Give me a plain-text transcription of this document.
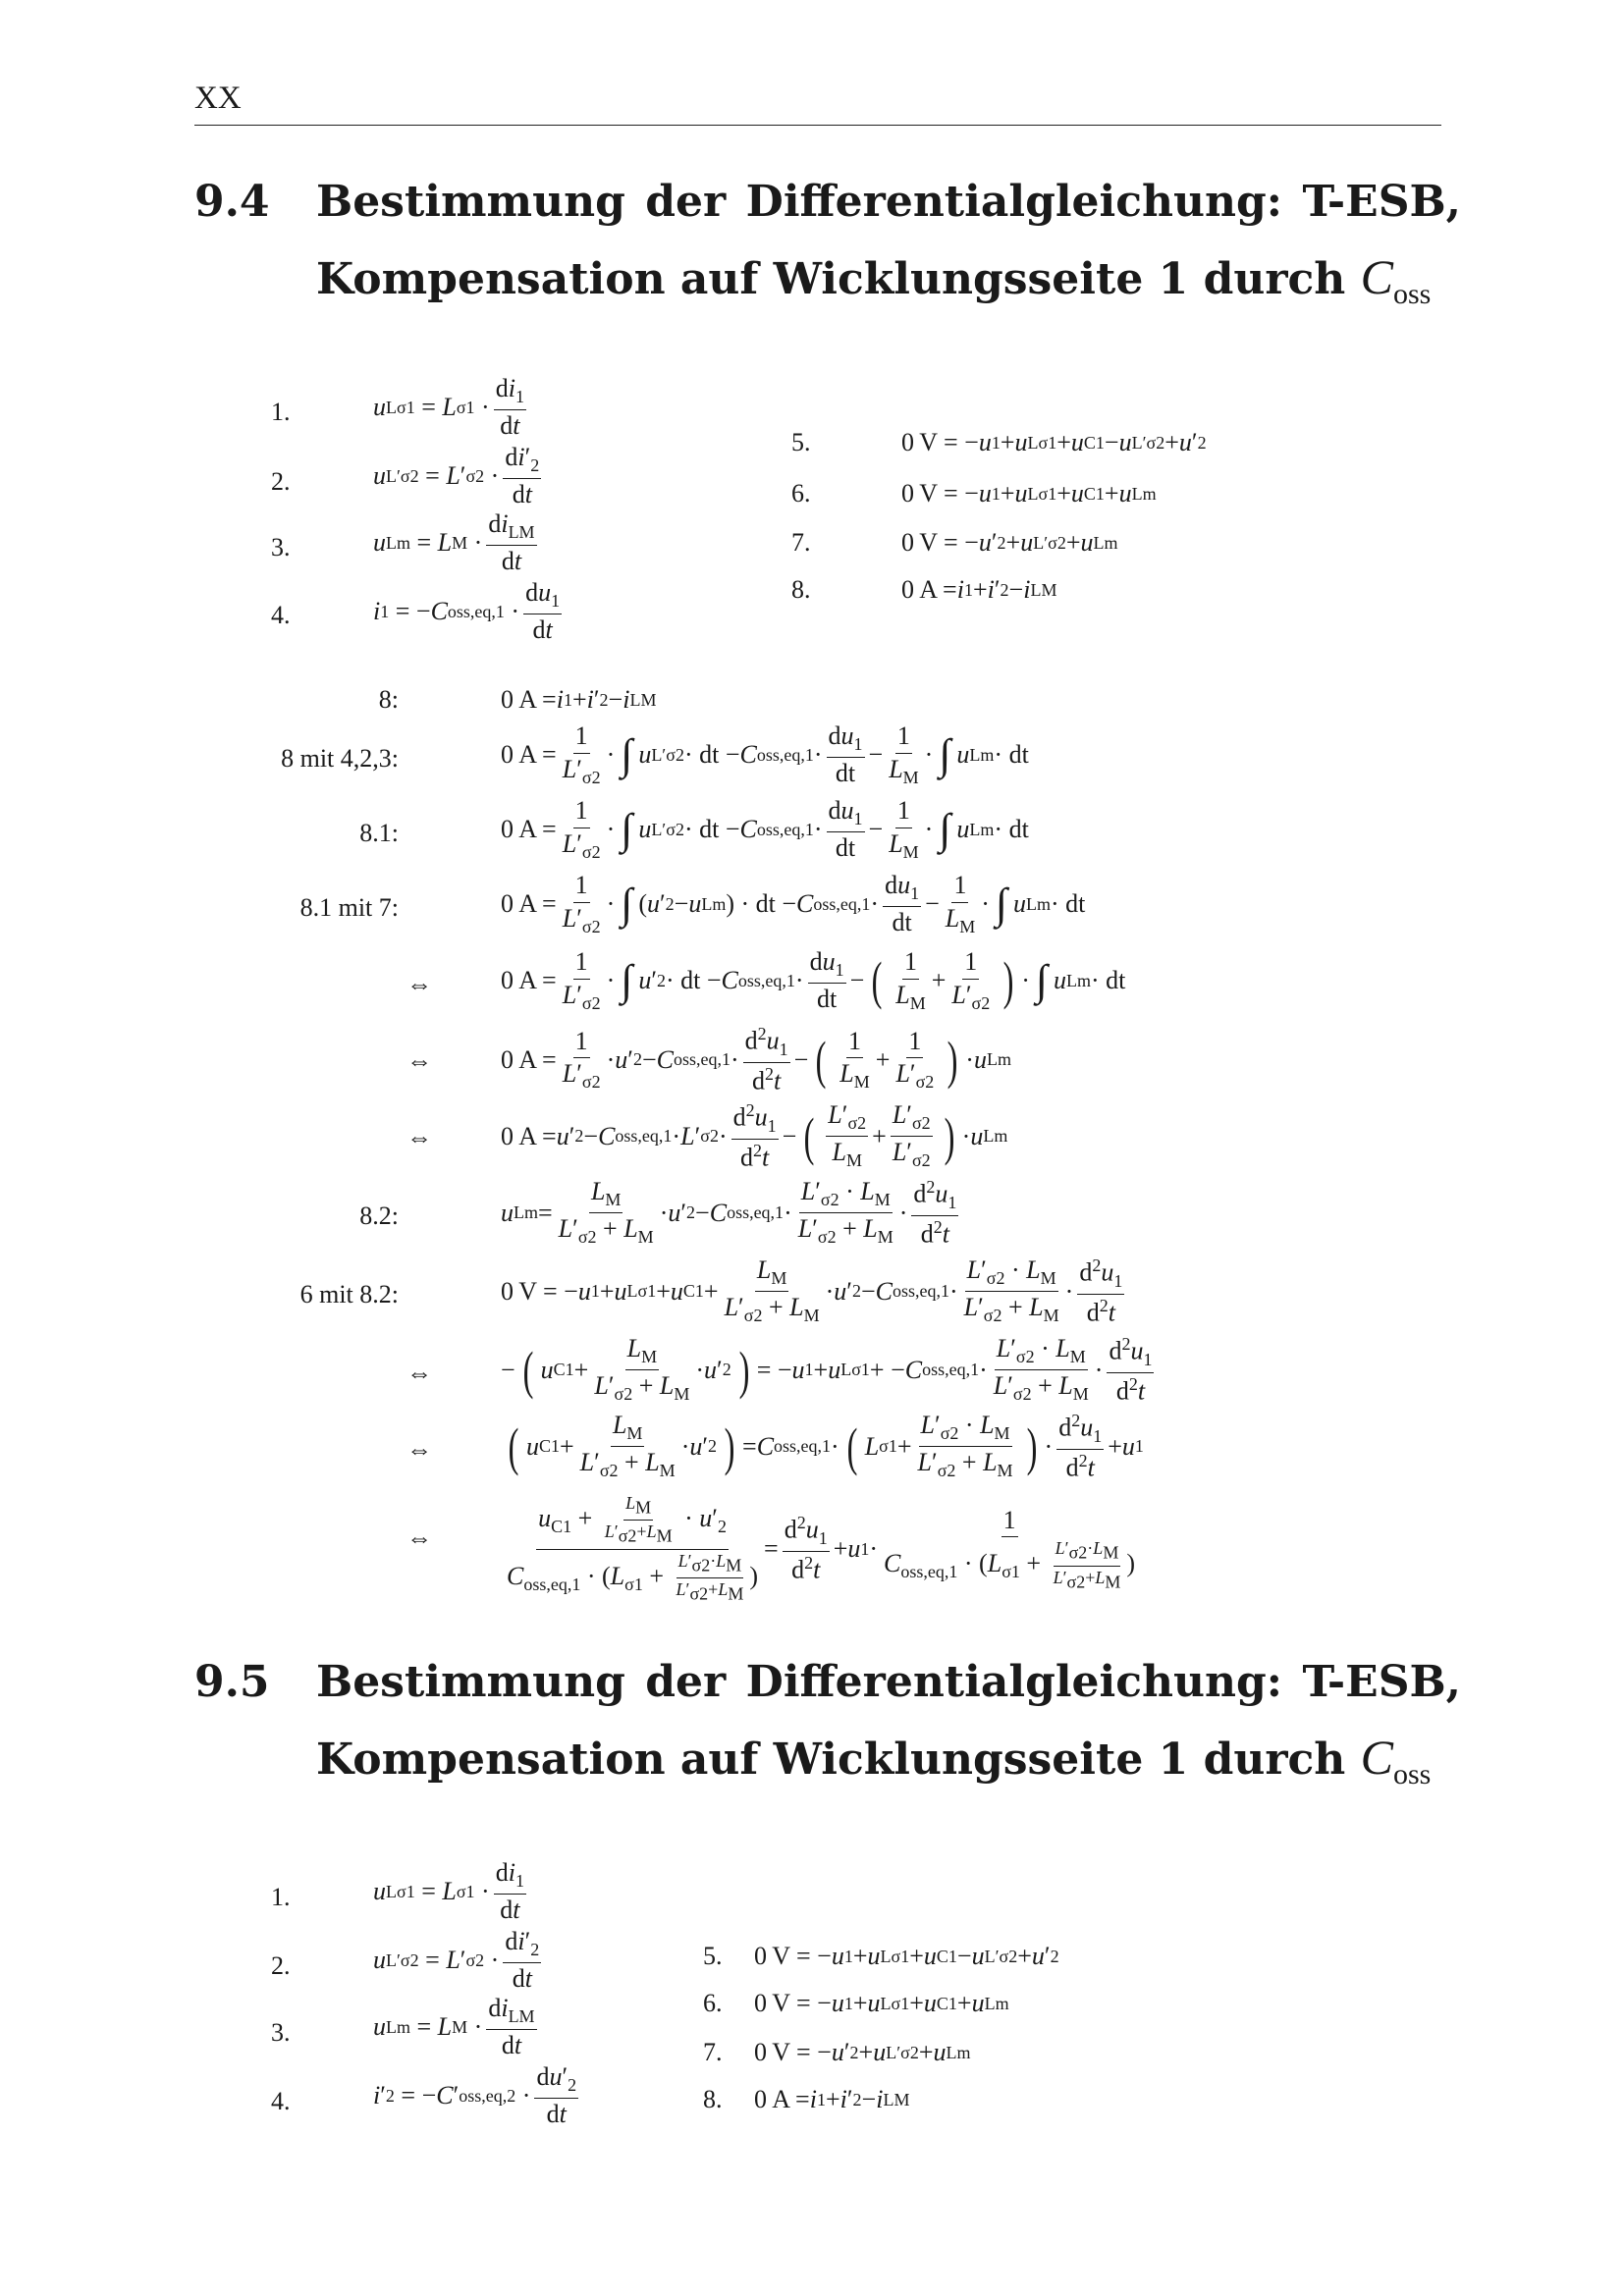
XX
9.4 Bestimmung der Differentialgleichung: T-ESB,
Kompensation auf Wicklungsseite 1 durch $C_{oss}$
1.	u Lσ1 = L $\sigma 1 \cdot \frac{di_1}{dt}$
2.	u L′σ2 = L ′ $\sigma 2 \cdot \frac{di'_2}{dt}$
3.	u Lm = L $M \cdot \frac{di_{LM}}{dt}$
4.	i 1 = − C $oss,eq,1 \cdot \frac{du_1}{dt}$
5.	0 V = − u 1 + u Lσ1 + u C1 − u L′σ2 + u ′ 2
6.	0 V = − u 1 + u Lσ1 + u C1 + u Lm
7.	0 V = − u ′ 2 + u L′σ2 + u Lm
8.	0 A = i 1 + i ′ 2 − i LM
8:	0 A = i 1 + i ′ 2 − i LM
8 mit 4,2,3:	0 $A = \frac{1}{L'_{\sigma 2}}$ · ∫ u L′σ2 · dt − C $oss,eq,1 \cdot \frac{du_1}{dt} - \frac{1}{L_M}$ · ∫ u Lm · dt
8.1:	0 $A = \frac{1}{L'_{\sigma 2}}$ · ∫ u L′σ2 · dt − C $oss,eq,1 \cdot \frac{du_1}{dt} - \frac{1}{L_M}$ · ∫ u Lm · dt
8.1 mit 7:	0 $A = \frac{1}{L'_{\sigma 2}}$ · ∫ ( u ′ 2 − u Lm ) · dt − C $oss,eq,1 \cdot \frac{du_1}{dt} - \frac{1}{L_M}$ · ∫ u Lm · dt
⇔	0 $A = \frac{1}{L'_{\sigma 2}}$ · ∫ u ′ 2 · dt − C $oss,eq,1 \cdot \frac{du_1}{dt}$ − ( $\frac{1}{L_M} + \frac{1}{L'_{\sigma 2}}$ ) · ∫ u Lm · dt
⇔	0 $A = \frac{1}{L'_{\sigma 2}} \cdot u$ ′ 2 − C $oss,eq,1 \cdot \frac{d^2u_1}{d^2t}$ − ( $\frac{1}{L_M} + \frac{1}{L'_{\sigma 2}}$ ) · u Lm
⇔	0 A = u ′ 2 − C oss,eq,1 · L ′ $\sigma 2 \cdot \frac{d^2u_1}{d^2t}$ − ( $\frac{L'_{\sigma 2}}{L_M} + \frac{L'_{\sigma 2}}{L'_{\sigma 2}}$ ) · u Lm
8.2:	u $Lm = \frac{L_M}{L'_{\sigma 2} + L_M} \cdot u$ ′ 2 − C $oss,eq,1 \cdot \frac{L'_{\sigma 2} \cdot L_M}{L'_{\sigma 2} + L_M} \cdot \frac{d^2u_1}{d^2t}$
6 mit 8.2:	0 V = − u 1 + u Lσ1 + u $C1 + \frac{L_M}{L'_{\sigma 2} + L_M} \cdot u$ ′ 2 − C $oss,eq,1 \cdot \frac{L'_{\sigma 2} \cdot L_M}{L'_{\sigma 2} + L_M} \cdot \frac{d^2u_1}{d^2t}$
⇔	− ( u $C1 + \frac{L_M}{L'_{\sigma 2} + L_M} \cdot u$ ′ 2 ) = − u 1 + u Lσ1 + − C $oss,eq,1 \cdot \frac{L'_{\sigma 2} \cdot L_M}{L'_{\sigma 2} + L_M} \cdot \frac{d^2u_1}{d^2t}$
⇔ ( u $C1 + \frac{L_M}{L'_{\sigma 2} + L_M} \cdot u$ ′ 2 ) = C oss,eq,1 · ( L $\sigma 1 + \frac{L'_{\sigma 2} \cdot L_M}{L'_{\sigma 2} + L_M}$ ) · $\frac{d^2u_1}{d^2t} + u$ 1
⇔	$\frac{u_{C1} + \frac{L_M}{L'_{\sigma 2}+L_M} \cdot u'_2}{C_{oss,eq,1} \cdot (L_{\sigma 1} + \frac{L'_{\sigma 2}\cdot L_M}{L'_{\sigma 2}+L_M} )} = \frac{d^2u_1}{d^2t} + u$ $1 \cdot \frac{1}{C_{oss,eq,1} \cdot (L_{\sigma 1} + \frac{L'_{\sigma 2}\cdot L_M}{L'_{\sigma 2}+L_M} )}$
9.5 Bestimmung der Differentialgleichung: T-ESB,
Kompensation auf Wicklungsseite 1 durch $C_{oss}$
1.	u Lσ1 = L $\sigma 1 \cdot \frac{di_1}{dt}$
2.	u L′σ2 = L ′ $\sigma 2 \cdot \frac{di'_2}{dt}$
3.	u Lm = L $M \cdot \frac{di_{LM}}{dt}$
4.	i ′ 2 = − C ′ $oss,eq,2 \cdot \frac{du'_2}{dt}$
5. 0 V = − u 1 + u Lσ1 + u C1 − u L′σ2 + u ′ 2
6. 0 V = − u 1 + u Lσ1 + u C1 + u Lm
7. 0 V = − u ′ 2 + u L′σ2 + u Lm
8. 0 A = i 1 + i ′ 2 − i LM
